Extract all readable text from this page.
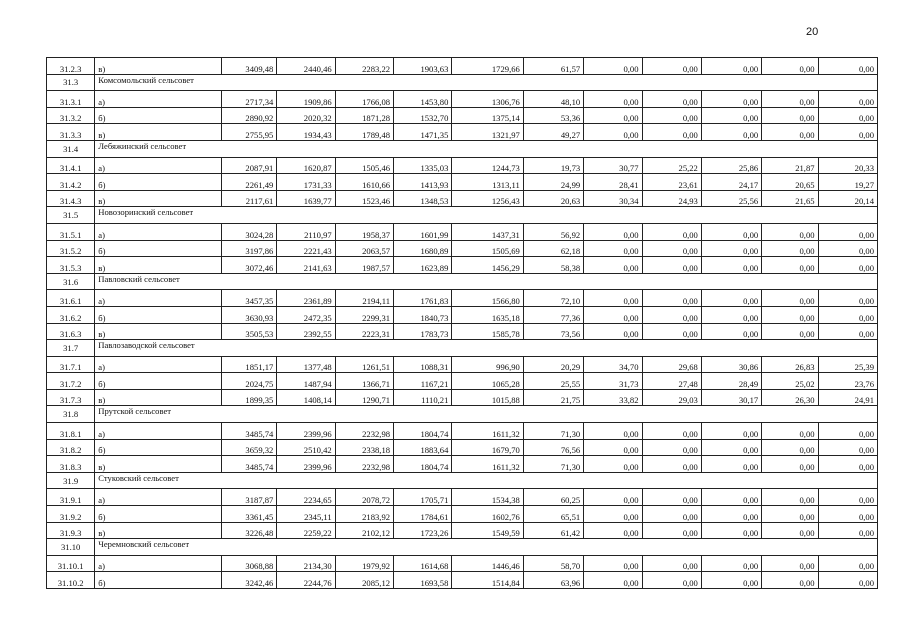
20
31.2.3	в)	3409,48	2440,46	2283,22	1903,63	1729,66	61,57	0,00	0,00	0,00	0,00	0,00
31.3	Комсомольский сельсовет											
31.3.1	а)	2717,34	1909,86	1766,08	1453,80	1306,76	48,10	0,00	0,00	0,00	0,00	0,00
31.3.2	б)	2890,92	2020,32	1871,28	1532,70	1375,14	53,36	0,00	0,00	0,00	0,00	0,00
31.3.3	в)	2755,95	1934,43	1789,48	1471,35	1321,97	49,27	0,00	0,00	0,00	0,00	0,00
31.4	Лебяжинский сельсовет											
31.4.1	а)	2087,91	1620,87	1505,46	1335,03	1244,73	19,73	30,77	25,22	25,86	21,87	20,33
31.4.2	б)	2261,49	1731,33	1610,66	1413,93	1313,11	24,99	28,41	23,61	24,17	20,65	19,27
31.4.3	в)	2117,61	1639,77	1523,46	1348,53	1256,43	20,63	30,34	24,93	25,56	21,65	20,14
31.5	Новозоринский сельсовет											
31.5.1	а)	3024,28	2110,97	1958,37	1601,99	1437,31	56,92	0,00	0,00	0,00	0,00	0,00
31.5.2	б)	3197,86	2221,43	2063,57	1680,89	1505,69	62,18	0,00	0,00	0,00	0,00	0,00
31.5.3	в)	3072,46	2141,63	1987,57	1623,89	1456,29	58,38	0,00	0,00	0,00	0,00	0,00
31.6	Павловский сельсовет											
31.6.1	а)	3457,35	2361,89	2194,11	1761,83	1566,80	72,10	0,00	0,00	0,00	0,00	0,00
31.6.2	б)	3630,93	2472,35	2299,31	1840,73	1635,18	77,36	0,00	0,00	0,00	0,00	0,00
31.6.3	в)	3505,53	2392,55	2223,31	1783,73	1585,78	73,56	0,00	0,00	0,00	0,00	0,00
31.7	Павлозаводской сельсовет											
31.7.1	а)	1851,17	1377,48	1261,51	1088,31	996,90	20,29	34,70	29,68	30,86	26,83	25,39
31.7.2	б)	2024,75	1487,94	1366,71	1167,21	1065,28	25,55	31,73	27,48	28,49	25,02	23,76
31.7.3	в)	1899,35	1408,14	1290,71	1110,21	1015,88	21,75	33,82	29,03	30,17	26,30	24,91
31.8	Прутской сельсовет											
31.8.1	а)	3485,74	2399,96	2232,98	1804,74	1611,32	71,30	0,00	0,00	0,00	0,00	0,00
31.8.2	б)	3659,32	2510,42	2338,18	1883,64	1679,70	76,56	0,00	0,00	0,00	0,00	0,00
31.8.3	в)	3485,74	2399,96	2232,98	1804,74	1611,32	71,30	0,00	0,00	0,00	0,00	0,00
31.9	Стуковский сельсовет											
31.9.1	а)	3187,87	2234,65	2078,72	1705,71	1534,38	60,25	0,00	0,00	0,00	0,00	0,00
31.9.2	б)	3361,45	2345,11	2183,92	1784,61	1602,76	65,51	0,00	0,00	0,00	0,00	0,00
31.9.3	в)	3226,48	2259,22	2102,12	1723,26	1549,59	61,42	0,00	0,00	0,00	0,00	0,00
31.10	Черемновский сельсовет											
31.10.1	а)	3068,88	2134,30	1979,92	1614,68	1446,46	58,70	0,00	0,00	0,00	0,00	0,00
31.10.2	б)	3242,46	2244,76	2085,12	1693,58	1514,84	63,96	0,00	0,00	0,00	0,00	0,00
